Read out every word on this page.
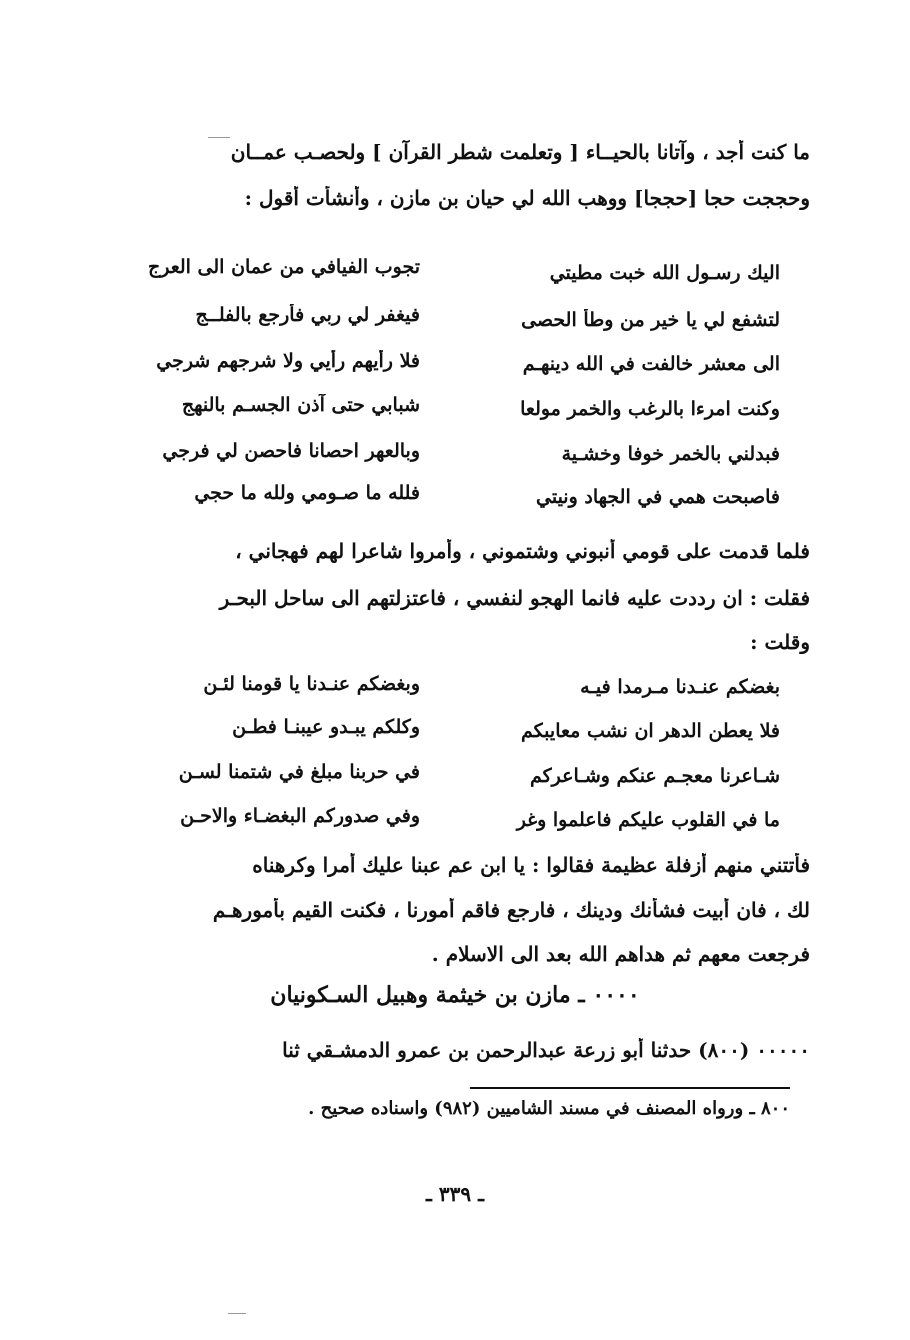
ما كنت أجد ، وآتانا بالحيــاء [ وتعلمت شطر القرآن ] ولحصـب عمــان
وحججت حجا [حججا] ووهب الله لي حيان بن مازن ، وأنشأت أقول :
اليك رسـول الله خبت مطيتي
تجوب الفيافي من عمان الى العرج
لتشفع لي يا خير من وطأ الحصى
فيغفر لي ربي فأرجع بالفلــج
الى معشر خالفت في الله دينهـم
فلا رأيهم رأيي ولا شرجهم شرجي
وكنت امرءا بالرغب والخمر مولعا
شبابي حتى آذن الجسـم بالنهج
فبدلني بالخمر خوفا وخشـية
وبالعهر احصانا فاحصن لي فرجي
فاصبحت همي في الجهاد ونيتي
فلله ما صـومي ولله ما حجي
فلما قدمت على قومي أنبوني وشتموني ، وأمروا شاعرا لهم فهجاني ،
فقلت : ان رددت عليه فانما الهجو لنفسي ، فاعتزلتهم الى ساحل البحـر
وقلت :
بغضكم عنـدنا مـرمدا فيـه
وبغضكم عنـدنا يا قومنا لئـن
فلا يعطن الدهر ان نشب معايبكم
وكلكم يبـدو عيبنـا فطـن
شـاعرنا معجـم عنكم وشـاعركم
في حربنا مبلغ في شتمنا لسـن
ما في القلوب عليكم فاعلموا وغر
وفي صدوركم البغضـاء والاحـن
فأتتني منهم أزفلة عظيمة فقالوا : يا ابن عم عبنا عليك أمرا وكرهناه
لك ، فان أبيت فشأنك ودينك ، فارجع فاقم أمورنا ، فكنت القيم بأمورهـم
فرجعت معهم ثم هداهم الله بعد الى الاسلام .
٠٠٠٠ ـ مازن بن خيثمة وهبيل السـكونيان
٠٠٠٠٠ (٨٠٠) حدثنا أبو زرعة عبدالرحمن بن عمرو الدمشـقي ثنا
٨٠٠ ـ ورواه المصنف في مسند الشاميين (٩٨٢) واسناده صحيح .
ـ ٣٣٩ ـ
